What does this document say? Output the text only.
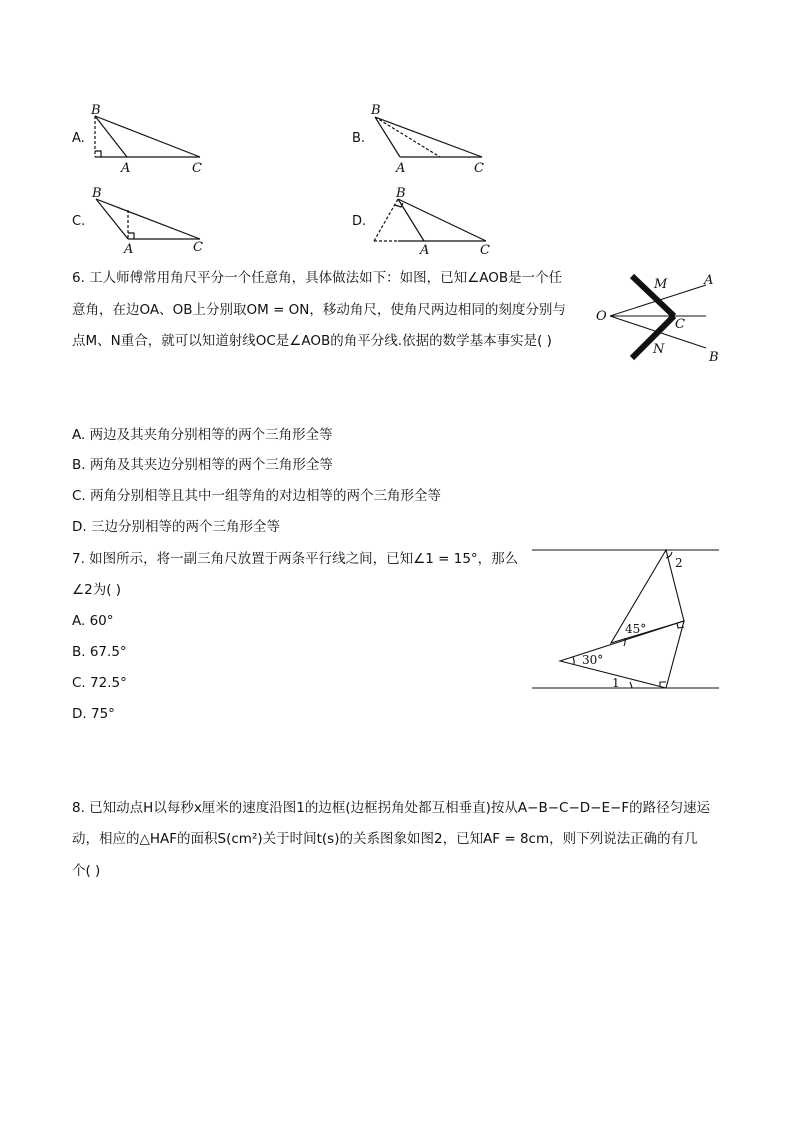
A.
B
A	C
B.
B
A	C
C.
B
A	C
D.
B
A	C
6. 工人师傅常用角尺平分一个任意角，具体做法如下：如图，已知∠AOB是一个任
意角，在边OA、OB上分别取OM = ON，移动角尺，使角尺两边相同的刻度分别与
点M、N重合，就可以知道射线OC是∠AOB的角平分线.依据的数学基本事实是( )
O
M	A
C
N
B
A. 两边及其夹角分别相等的两个三角形全等
B. 两角及其夹边分别相等的两个三角形全等
C. 两角分别相等且其中一组等角的对边相等的两个三角形全等
D. 三边分别相等的两个三角形全等
7. 如图所示，将一副三角尺放置于两条平行线之间，已知∠1 = 15°，那么
∠2为( )
A. 60°
B. 67.5°
C. 72.5°
D. 75°
2
45°
30°
1
8. 已知动点H以每秒x厘米的速度沿图1的边框(边框拐角处都互相垂直)按从A−B−C−D−E−F的路径匀速运
动，相应的△HAF的面积S(cm²)关于时间t(s)的关系图象如图2，已知AF = 8cm，则下列说法正确的有几
个( )
